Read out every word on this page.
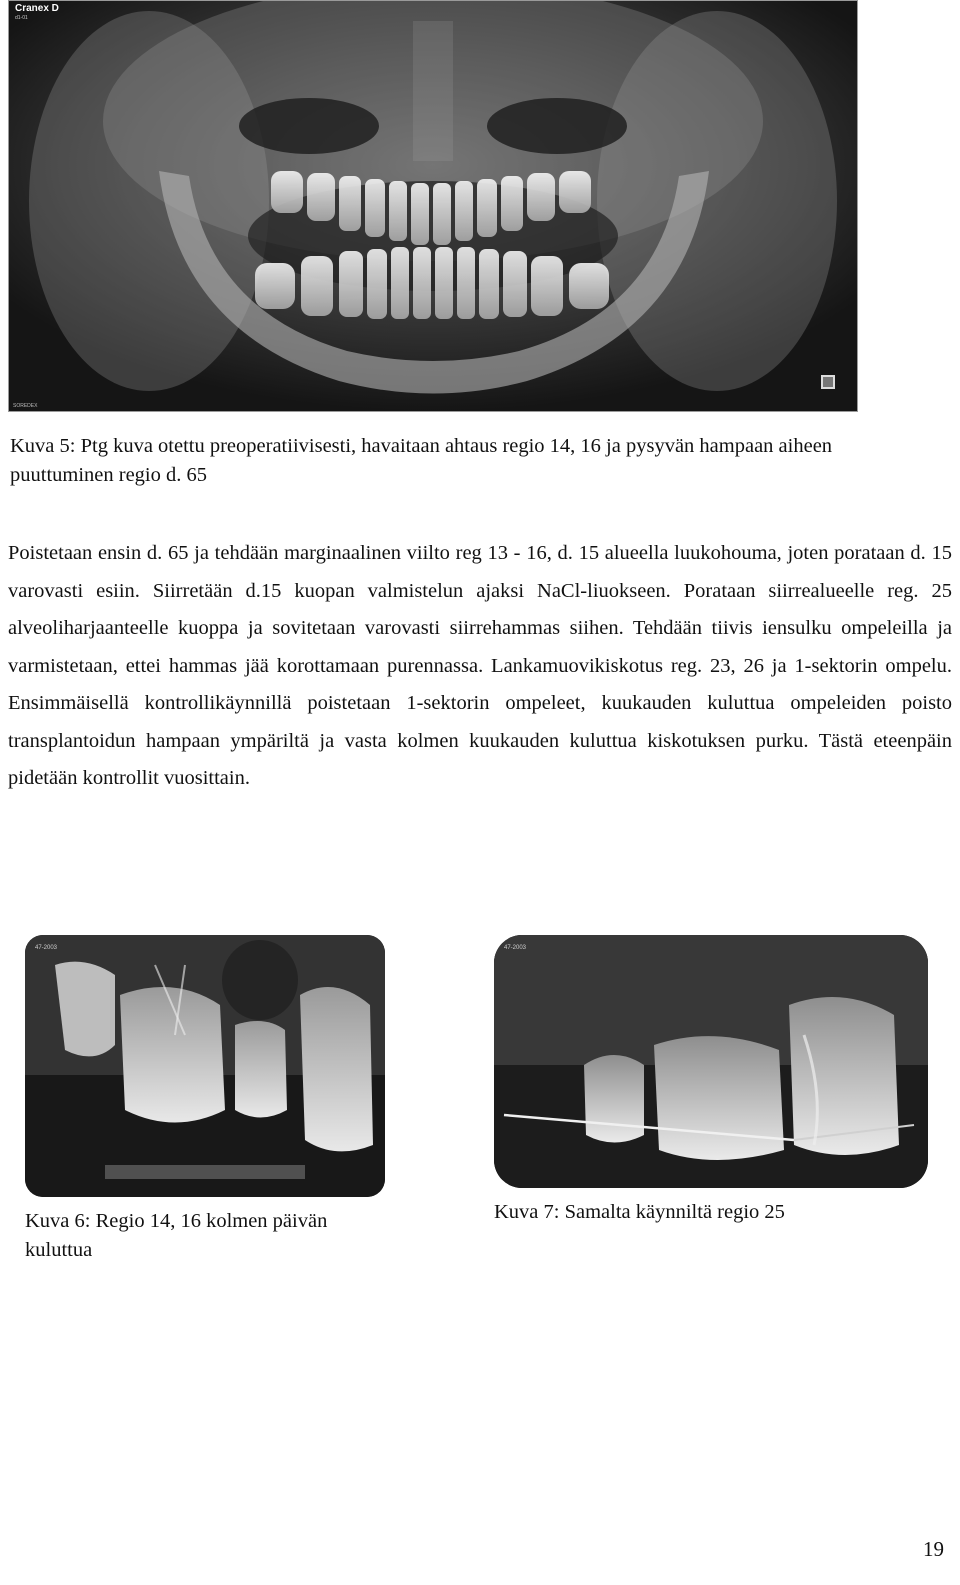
Cranex D
d1-01
SOREDEX

Kuva 5: Ptg kuva otettu preoperatiivisesti, havaitaan ahtaus regio 14, 16 ja pysyvän hampaan aiheen puuttuminen regio d. 65

Poistetaan ensin d. 65 ja tehdään marginaalinen viilto reg 13 - 16, d. 15 alueella luukohouma, joten porataan d. 15 varovasti esiin. Siirretään d.15 kuopan valmistelun ajaksi NaCl-liuokseen. Porataan siirrealueelle reg. 25 alveoliharjaanteelle kuoppa ja sovitetaan varovasti siirrehammas siihen. Tehdään tiivis iensulku ompeleilla ja varmistetaan, ettei hammas jää korottamaan purennassa. Lankamuovikiskotus reg. 23, 26 ja 1-sektorin ompelu. Ensimmäisellä kontrollikäynnillä poistetaan 1-sektorin ompeleet, kuukauden kuluttua ompeleiden poisto transplantoidun hampaan ympäriltä ja vasta kolmen kuukauden kuluttua kiskotuksen purku. Tästä eteenpäin pidetään kontrollit vuosittain.

47-2003	47-2003

Kuva 6: Regio 14, 16 kolmen päivän kuluttua

Kuva 7: Samalta käynniltä regio 25

19
